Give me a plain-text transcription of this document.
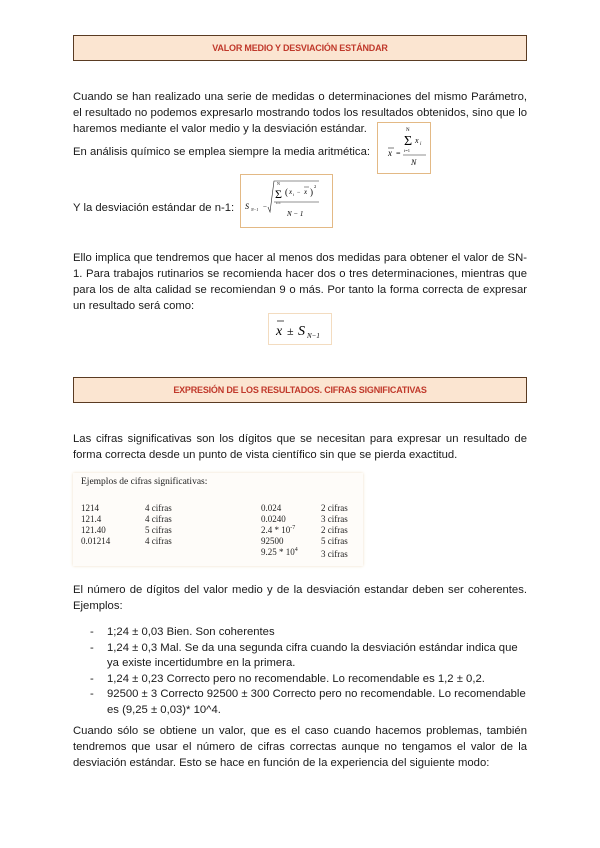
VALOR MEDIO Y DESVIACIÓN ESTÁNDAR
Cuando se han realizado una serie de medidas o determinaciones del mismo Parámetro, el resultado no podemos expresarlo mostrando todos los resultados obtenidos, sino que lo haremos mediante el valor medio y la desviación estándar.
En análisis químico se emplea siempre la media aritmética:	x =
N
Σ
i=1
x i
N
Y la desviación estándar de n-1:	S N−1 −
N
Σ
i=1
( x i − x )
2
N − 1
Ello implica que tendremos que hacer al menos dos medidas para obtener el valor de SN-1. Para trabajos rutinarios se recomienda hacer dos o tres determinaciones, mientras que para los de alta calidad se recomiendan 9 o más. Por tanto la forma correcta de expresar un resultado será como:
x ± S N−1
EXPRESIÓN DE LOS RESULTADOS. CIFRAS SIGNIFICATIVAS
Las cifras significativas son los dígitos que se necesitan para expresar un resultado de forma correcta desde un punto de vista científico sin que se pierda exactitud.
Ejemplos de cifras significativas:
1214	4 cifras
121.4	4 cifras
121.40	5 cifras
0.01214	4 cifras
0.024	2 cifras
0.0240	3 cifras
$2.4 * 10^{-7}$	2 cifras
92500	5 cifras
$9.25 * 10^4$	3 cifras
El número de dígitos del valor medio y de la desviación estandar deben ser coherentes. Ejemplos:
- 1;24 ± 0,03 Bien. Son coherentes
- 1,24 ± 0,3 Mal. Se da una segunda cifra cuando la desviación estándar indica que ya existe incertidumbre en la primera.
- 1,24 ± 0,23 Correcto pero no recomendable. Lo recomendable es 1,2 ± 0,2.
- 92500 ± 3 Correcto 92500 ± 300 Correcto pero no recomendable. Lo recomendable es (9,25 ± 0,03)* 10^4.
Cuando sólo se obtiene un valor, que es el caso cuando hacemos problemas, también tendremos que usar el número de cifras correctas aunque no tengamos el valor de la desviación estándar. Esto se hace en función de la experiencia del siguiente modo:
